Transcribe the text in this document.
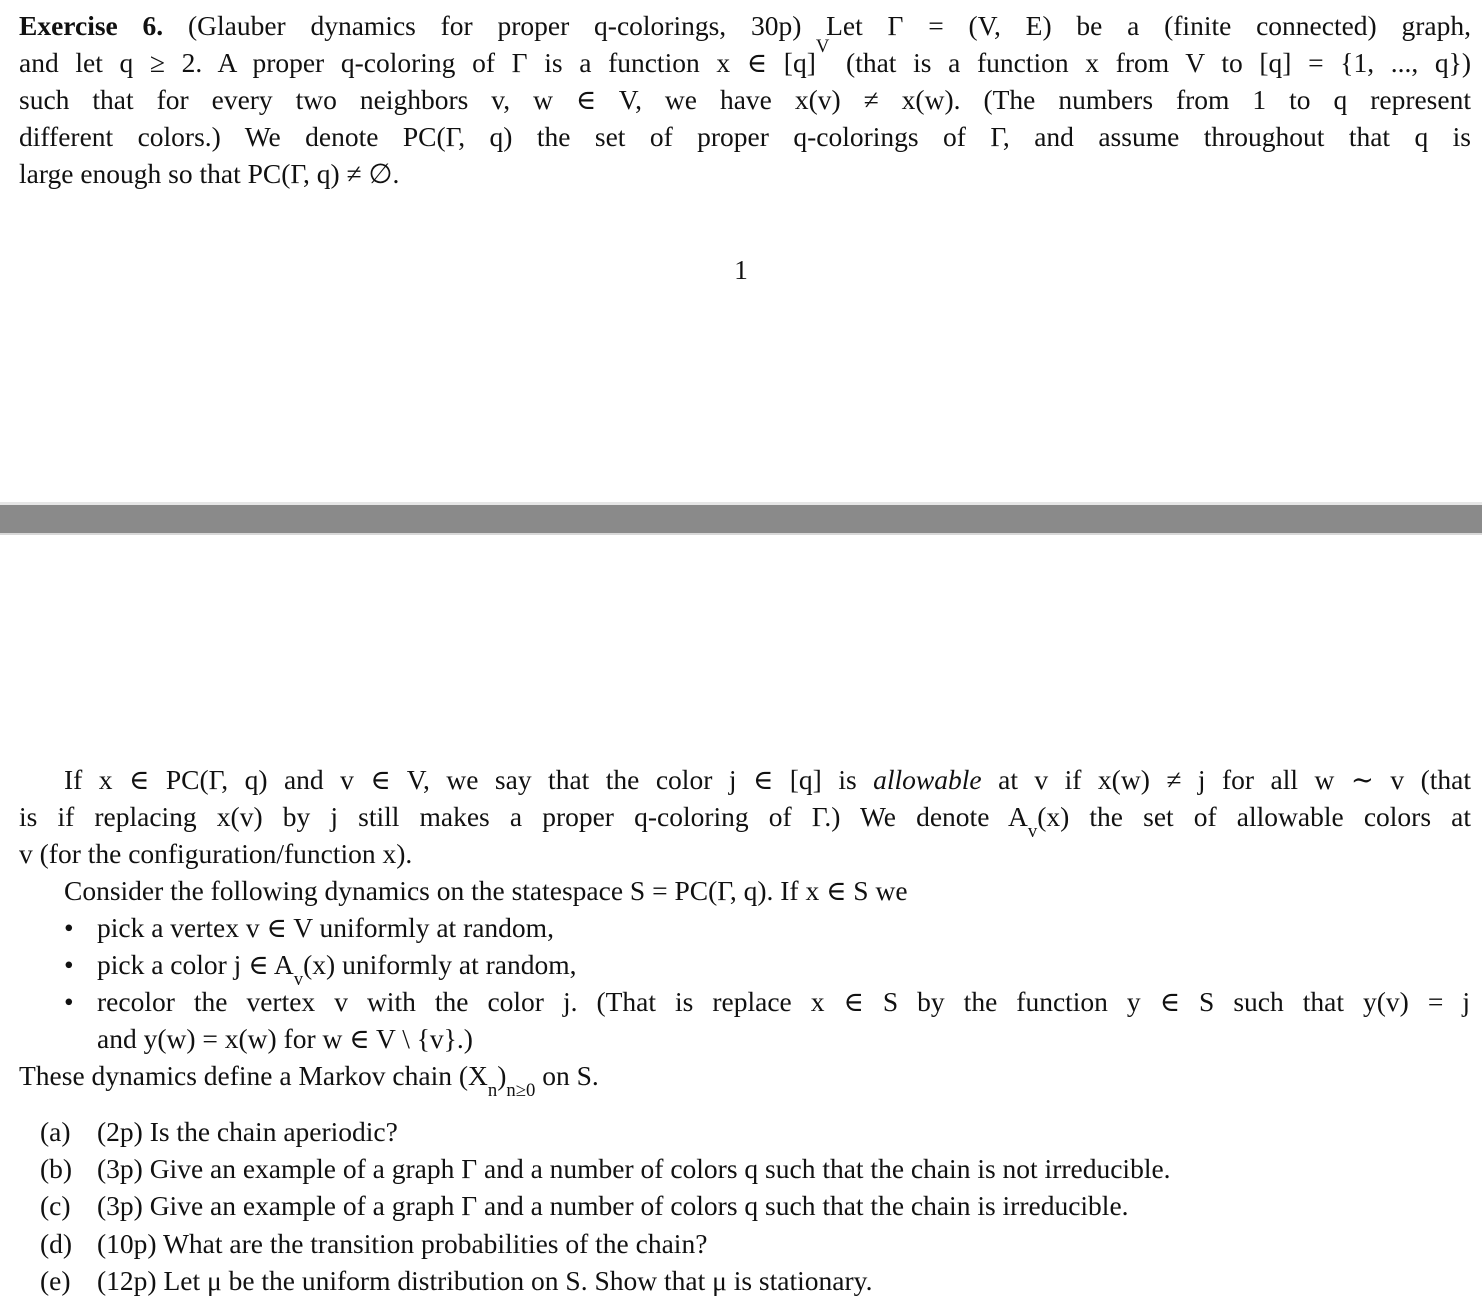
Exercise 6. (Glauber dynamics for proper q-colorings, 30p) Let Γ = (V, E) be a (finite connected) graph,
and let q ≥ 2. A proper q-coloring of Γ is a function x ∈ $[q]^V$ (that is a function x from V to [q] = {1, ..., q})
such that for every two neighbors v, w ∈ V, we have x(v) ≠ x(w). (The numbers from 1 to q represent
different colors.) We denote PC(Γ, q) the set of proper q-colorings of Γ, and assume throughout that q is
large enough so that PC(Γ, q) ≠ ∅.
1
If x ∈ PC(Γ, q) and v ∈ V, we say that the color j ∈ [q] is allowable at v if x(w) ≠ j for all w ∼ v (that
is if replacing x(v) by j still makes a proper q-coloring of Γ.) We denote $A_v(x)$ the set of allowable colors at
v (for the configuration/function x).
Consider the following dynamics on the statespace S = PC(Γ, q). If x ∈ S we
• pick a vertex v ∈ V uniformly at random,
• pick a color j ∈ $A_v(x)$ uniformly at random,
• recolor the vertex v with the color j. (That is replace x ∈ S by the function y ∈ S such that y(v) = j
and y(w) = x(w) for w ∈ V \ {v}.)
These dynamics define a Markov chain $(X_n)_{n\ge 0}$ on S.
(a) (2p) Is the chain aperiodic?
(b) (3p) Give an example of a graph Γ and a number of colors q such that the chain is not irreducible.
(c) (3p) Give an example of a graph Γ and a number of colors q such that the chain is irreducible.
(d) (10p) What are the transition probabilities of the chain?
(e) (12p) Let μ be the uniform distribution on S. Show that μ is stationary.
